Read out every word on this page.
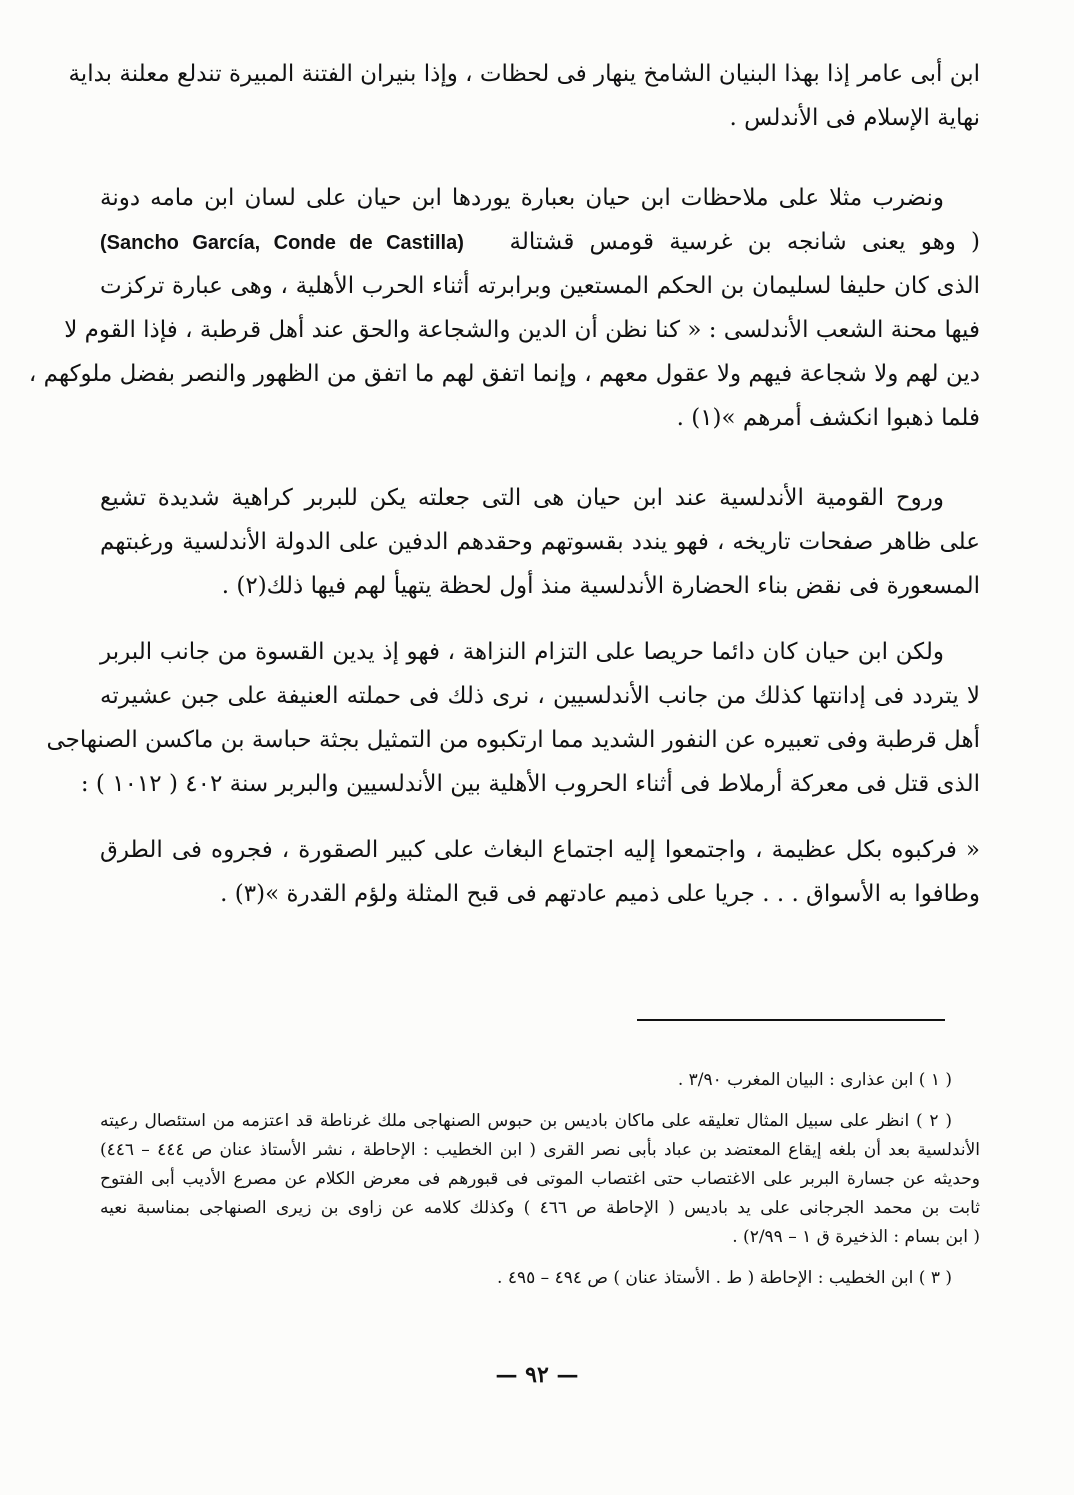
ابن أبى عامر إذا بهذا البنيان الشامخ ينهار فى لحظات ، وإذا بنيران الفتنة المبيرة تندلع معلنة بداية
نهاية الإسلام فى الأندلس .
ونضرب مثلا على ملاحظات ابن حيان بعبارة يوردها ابن حيان على لسان ابن مامه دونة
( وهو يعنى شانجه بن غرسية قومس قشتالة   (Sancho García, Conde de Castilla)
الذى كان حليفا لسليمان بن الحكم المستعين وبرابرته أثناء الحرب الأهلية ، وهى عبارة تركزت
فيها محنة الشعب الأندلسى : « كنا نظن أن الدين والشجاعة والحق عند أهل قرطبة ، فإذا القوم لا
دين لهم ولا شجاعة فيهم ولا عقول معهم ، وإنما اتفق لهم ما اتفق من الظهور والنصر بفضل ملوكهم ،
فلما ذهبوا انكشف أمرهم »(١) .
وروح القومية الأندلسية عند ابن حيان هى التى جعلته يكن للبربر كراهية شديدة تشيع
على ظاهر صفحات تاريخه ، فهو يندد بقسوتهم وحقدهم الدفين على الدولة الأندلسية ورغبتهم
المسعورة فى نقض بناء الحضارة الأندلسية منذ أول لحظة يتهيأ لهم فيها ذلك(٢) .
ولكن ابن حيان كان دائما حريصا على التزام النزاهة ، فهو إذ يدين القسوة من جانب البربر
لا يتردد فى إدانتها كذلك من جانب الأندلسيين ، نرى ذلك فى حملته العنيفة على جبن عشيرته
أهل قرطبة وفى تعبيره عن النفور الشديد مما ارتكبوه من التمثيل بجثة حباسة بن ماكسن الصنهاجى
الذى قتل فى معركة أرملاط فى أثناء الحروب الأهلية بين الأندلسيين والبربر سنة ٤٠٢ ( ١٠١٢ ) :
« فركبوه بكل عظيمة ، واجتمعوا إليه اجتماع البغاث على كبير الصقورة ، فجروه فى الطرق
وطافوا به الأسواق . . . جريا على ذميم عادتهم فى قبح المثلة ولؤم القدرة »(٣) .
( ١ ) ابن عذارى : البيان المغرب ٣/٩٠ .
( ٢ ) انظر على سبيل المثال تعليقه على ماكان باديس بن حبوس الصنهاجى ملك غرناطة قد اعتزمه من استئصال رعيته
الأندلسية بعد أن بلغه إيقاع المعتضد بن عباد بأبى نصر القرى ( ابن الخطيب : الإحاطة ، نشر الأستاذ عنان ص ٤٤٤ – ٤٤٦)
وحديثه عن جسارة البربر على الاغتصاب حتى اغتصاب الموتى فى قبورهم فى معرض الكلام عن مصرع الأديب أبى الفتوح
ثابت بن محمد الجرجانى على يد باديس ( الإحاطة ص ٤٦٦ ) وكذلك كلامه عن زاوى بن زيرى الصنهاجى بمناسبة نعيه
( ابن بسام : الذخيرة ق ١ – ٢/٩٩) .
( ٣ ) ابن الخطيب : الإحاطة ( ط . الأستاذ عنان ) ص ٤٩٤ – ٤٩٥ .
— ٩٢ —
